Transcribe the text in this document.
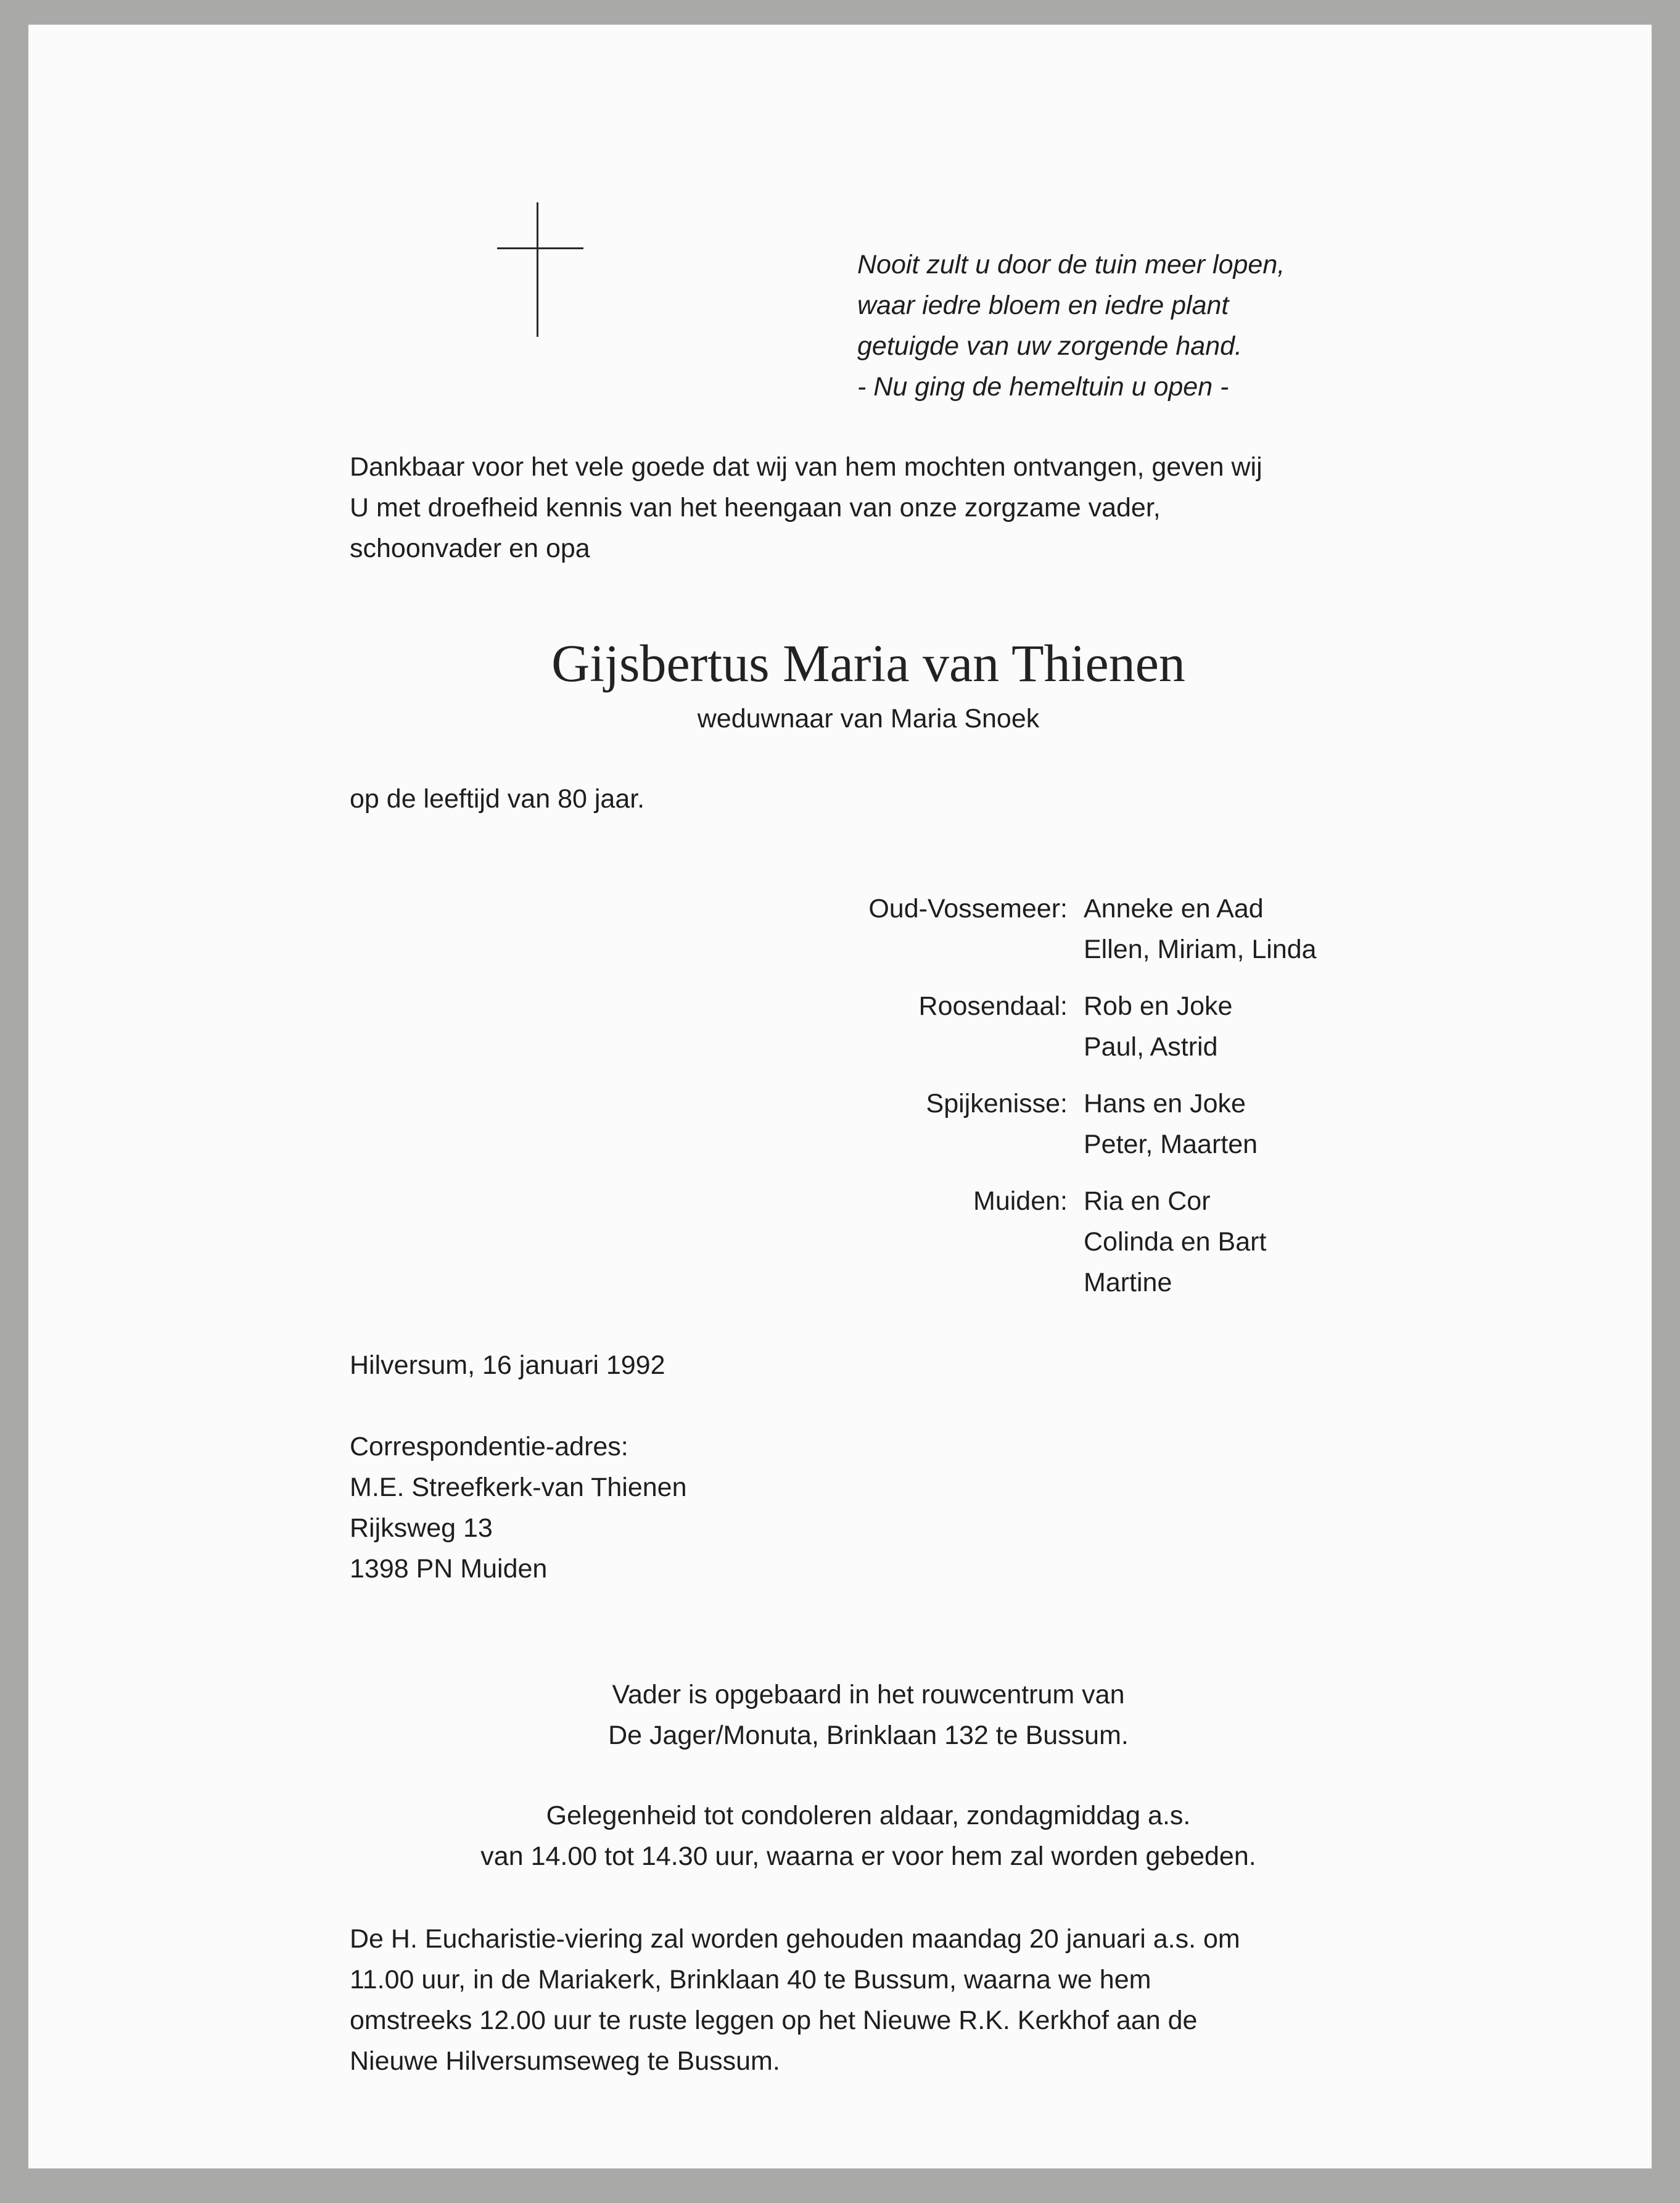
Nooit zult u door de tuin meer lopen,
waar iedre bloem en iedre plant
getuigde van uw zorgende hand.
- Nu ging de hemeltuin u open -
Dankbaar voor het vele goede dat wij van hem mochten ontvangen, geven wij
U met droefheid kennis van het heengaan van onze zorgzame vader,
schoonvader en opa
Gijsbertus Maria van Thienen
weduwnaar van Maria Snoek
op de leeftijd van 80 jaar.
Oud-Vossemeer: Anneke en Aad
Ellen, Miriam, Linda
Roosendaal: Rob en Joke
Paul, Astrid
Spijkenisse: Hans en Joke
Peter, Maarten
Muiden: Ria en Cor
Colinda en Bart
Martine
Hilversum, 16 januari 1992
Correspondentie-adres:
M.E. Streefkerk-van Thienen
Rijksweg 13
1398 PN Muiden
Vader is opgebaard in het rouwcentrum van
De Jager/Monuta, Brinklaan 132 te Bussum.
Gelegenheid tot condoleren aldaar, zondagmiddag a.s.
van 14.00 tot 14.30 uur, waarna er voor hem zal worden gebeden.
De H. Eucharistie-viering zal worden gehouden maandag 20 januari a.s. om
11.00 uur, in de Mariakerk, Brinklaan 40 te Bussum, waarna we hem
omstreeks 12.00 uur te ruste leggen op het Nieuwe R.K. Kerkhof aan de
Nieuwe Hilversumseweg te Bussum.
